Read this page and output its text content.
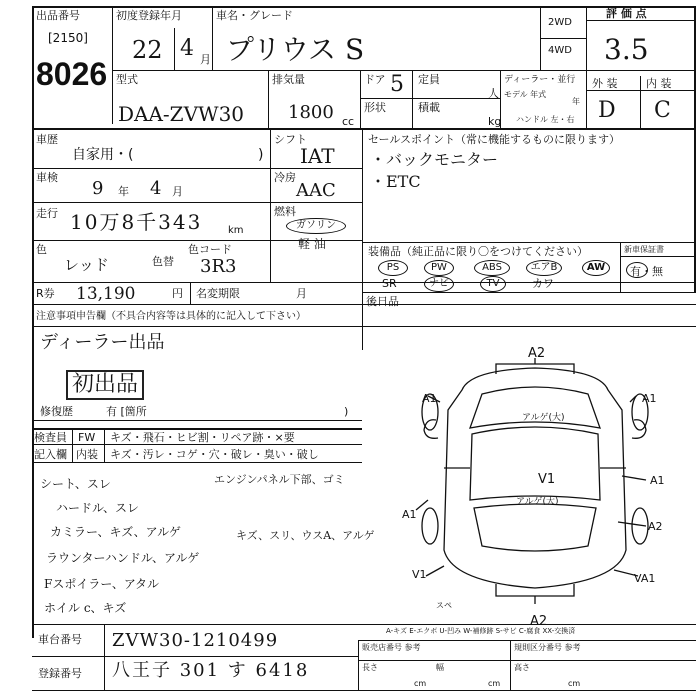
出品番号
[2150]
8026
初度登録年月
22 4 月
車名・グレード
プリウス S
2WD
4WD
評 価 点
3.5
型式
DAA-ZVW30
排気量
1800 cc
ドア 5 定員
人
形状	積載
kg
ディーラー・並行
モデル 年式
年
ハンドル 左・右
外 装	内 装
D C
車歴
自家用・(	)
シフト
IAT
セールスポイント（常に機能するものに限ります）
・バックモニター
・ETC
車検
9 年 4 月
冷房
AAC
走行 10万8千343	km
燃料
ガソリン
軽 油
色
レッド	色替
色コード
3R3
R券 13,190	円 名変期限	月
装備品（純正品に限り〇をつけてください）	新車保証書
有・無
PS	PW	ABS	エアB	AW
SR	ナビ	TV	カワ
後日品
注意事項申告欄（不具合内容等は具体的に記入して下さい）
ディーラー出品
初出品
修復歴	有 [箇所	)
検査員 FW キズ・飛石・ヒビ割・リペア跡・×要
記入欄 内装 キズ・汚レ・コゲ・穴・破レ・臭い・破し
シート、スレ
ハードル、スレ
カミラー、キズ、アルゲ
ラウンターハンドル、アルゲ
Fスポイラー、アタル
ホイル c、キズ
エンジンパネル下部、ゴミ
キズ、スリ、ウスA、アルゲ
A2
A1	A1
A1
A1
A2
V1
VA1
A2
V1
アルゲ(大)
アルゲ(大)
スペ
A-キズ E-エクボ U-凹み W-補修跡 S-サビ C-腐食 XX-交換済
車台番号 ZVW30-1210499
登録番号 八王子 301 す 6418
販売店番号 参考	規則区分番号 参考
長さ
cm
幅
cm
高さ
cm
